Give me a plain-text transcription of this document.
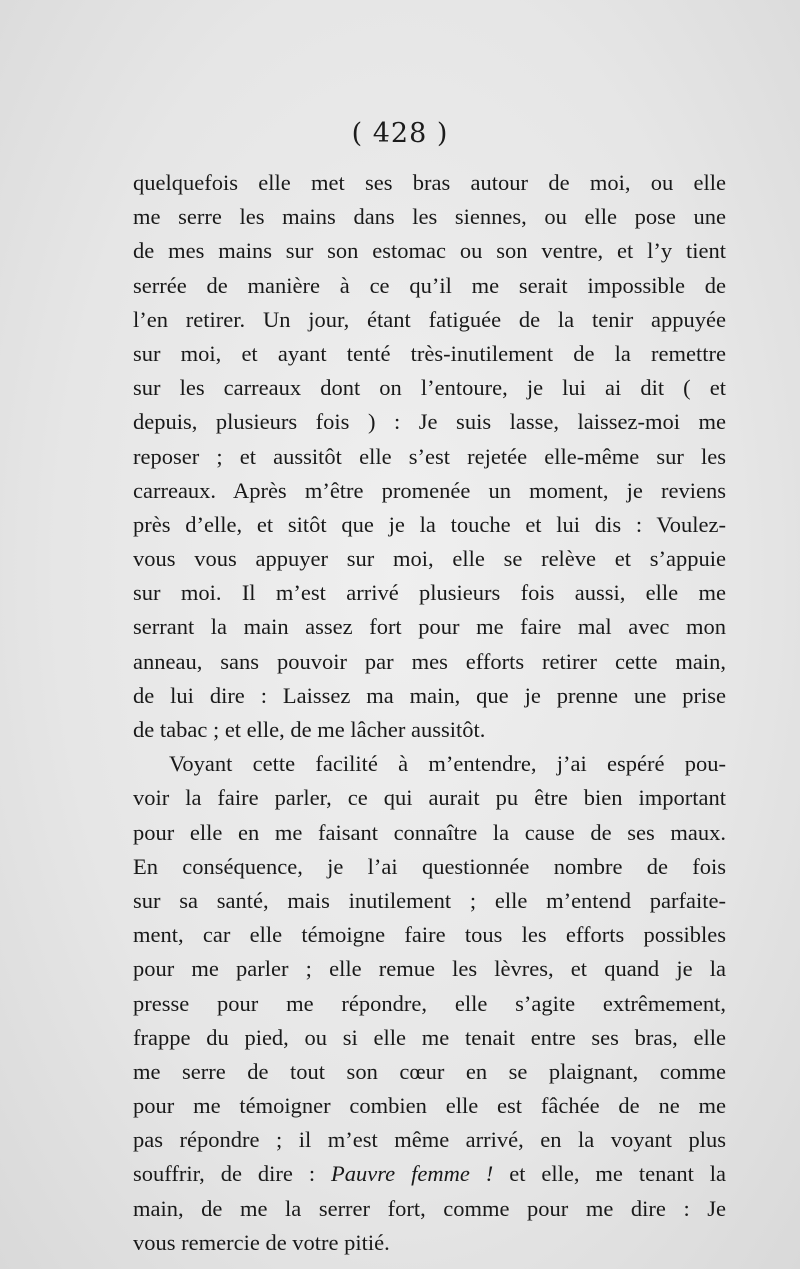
( 428 )
quelquefois elle met ses bras autour de moi, ou elle
me serre les mains dans les siennes, ou elle pose une
de mes mains sur son estomac ou son ventre, et l’y tient
serrée de manière à ce qu’il me serait impossible de
l’en retirer. Un jour, étant fatiguée de la tenir appuyée
sur moi, et ayant tenté très-inutilement de la remettre
sur les carreaux dont on l’entoure, je lui ai dit ( et
depuis, plusieurs fois ) : Je suis lasse, laissez-moi me
reposer ; et aussitôt elle s’est rejetée elle-même sur les
carreaux. Après m’être promenée un moment, je reviens
près d’elle, et sitôt que je la touche et lui dis : Voulez-
vous vous appuyer sur moi, elle se relève et s’appuie
sur moi. Il m’est arrivé plusieurs fois aussi, elle me
serrant la main assez fort pour me faire mal avec mon
anneau, sans pouvoir par mes efforts retirer cette main,
de lui dire : Laissez ma main, que je prenne une prise
de tabac ; et elle, de me lâcher aussitôt.
Voyant cette facilité à m’entendre, j’ai espéré pou-
voir la faire parler, ce qui aurait pu être bien important
pour elle en me faisant connaître la cause de ses maux.
En conséquence, je l’ai questionnée nombre de fois
sur sa santé, mais inutilement ; elle m’entend parfaite-
ment, car elle témoigne faire tous les efforts possibles
pour me parler ; elle remue les lèvres, et quand je la
presse pour me répondre, elle s’agite extrêmement,
frappe du pied, ou si elle me tenait entre ses bras, elle
me serre de tout son cœur en se plaignant, comme
pour me témoigner combien elle est fâchée de ne me
pas répondre ; il m’est même arrivé, en la voyant plus
souffrir, de dire : Pauvre femme ! et elle, me tenant la
main, de me la serrer fort, comme pour me dire : Je
vous remercie de votre pitié.
